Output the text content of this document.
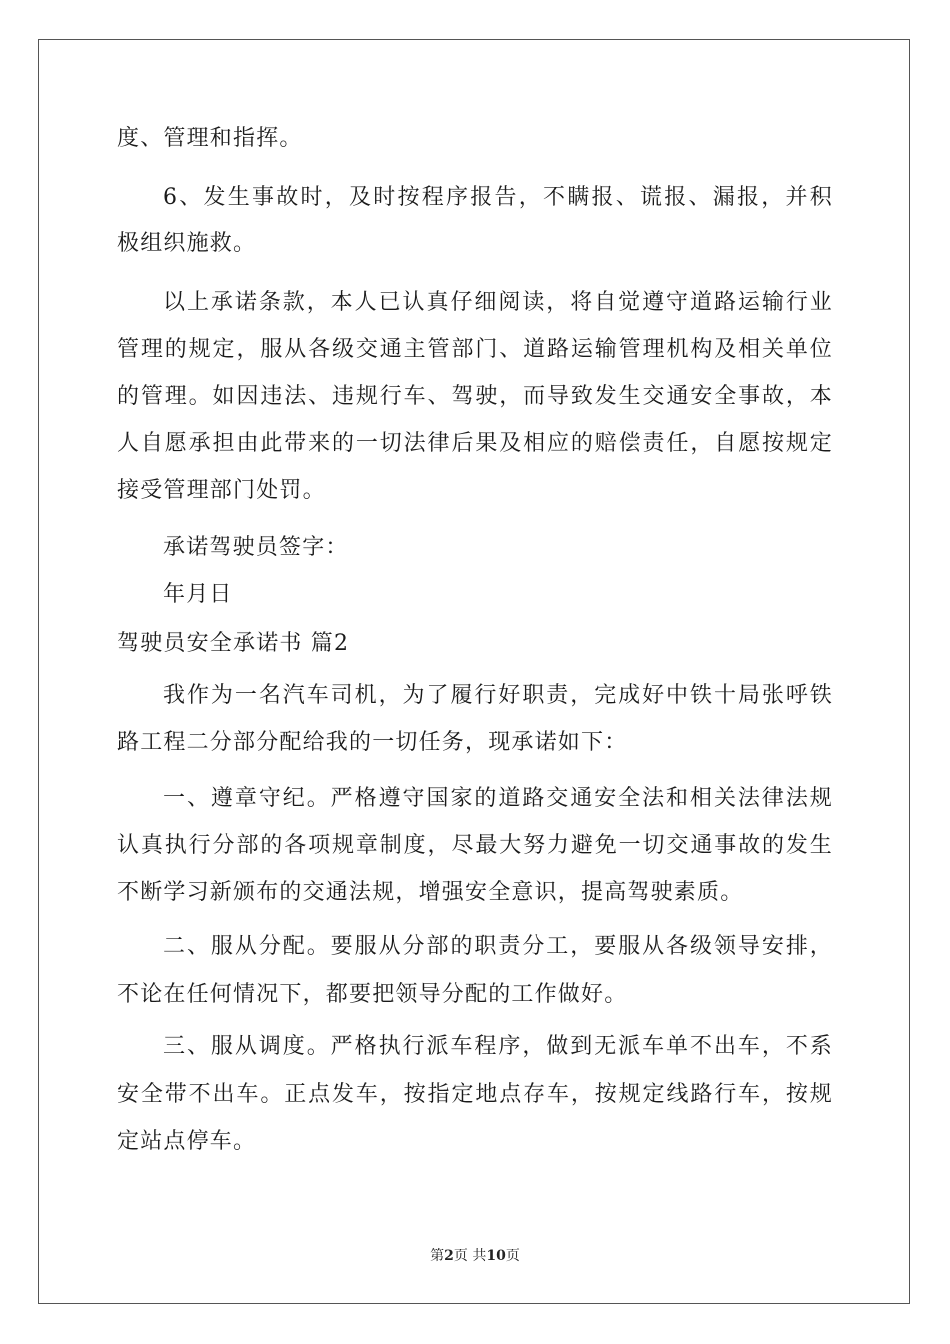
度、管理和指挥。
6、发生事故时，及时按程序报告，不瞒报、谎报、漏报，并积
极组织施救。
以上承诺条款，本人已认真仔细阅读，将自觉遵守道路运输行业
管理的规定，服从各级交通主管部门、道路运输管理机构及相关单位
的管理。如因违法、违规行车、驾驶，而导致发生交通安全事故，本
人自愿承担由此带来的一切法律后果及相应的赔偿责任，自愿按规定
接受管理部门处罚。
承诺驾驶员签字：
年月日
驾驶员安全承诺书 篇2
我作为一名汽车司机，为了履行好职责，完成好中铁十局张呼铁
路工程二分部分配给我的一切任务，现承诺如下：
一、遵章守纪。严格遵守国家的道路交通安全法和相关法律法规
认真执行分部的各项规章制度，尽最大努力避免一切交通事故的发生
不断学习新颁布的交通法规，增强安全意识，提高驾驶素质。
二、服从分配。要服从分部的职责分工，要服从各级领导安排，
不论在任何情况下，都要把领导分配的工作做好。
三、服从调度。严格执行派车程序，做到无派车单不出车，不系
安全带不出车。正点发车，按指定地点存车，按规定线路行车，按规
定站点停车。
第2页 共10页
